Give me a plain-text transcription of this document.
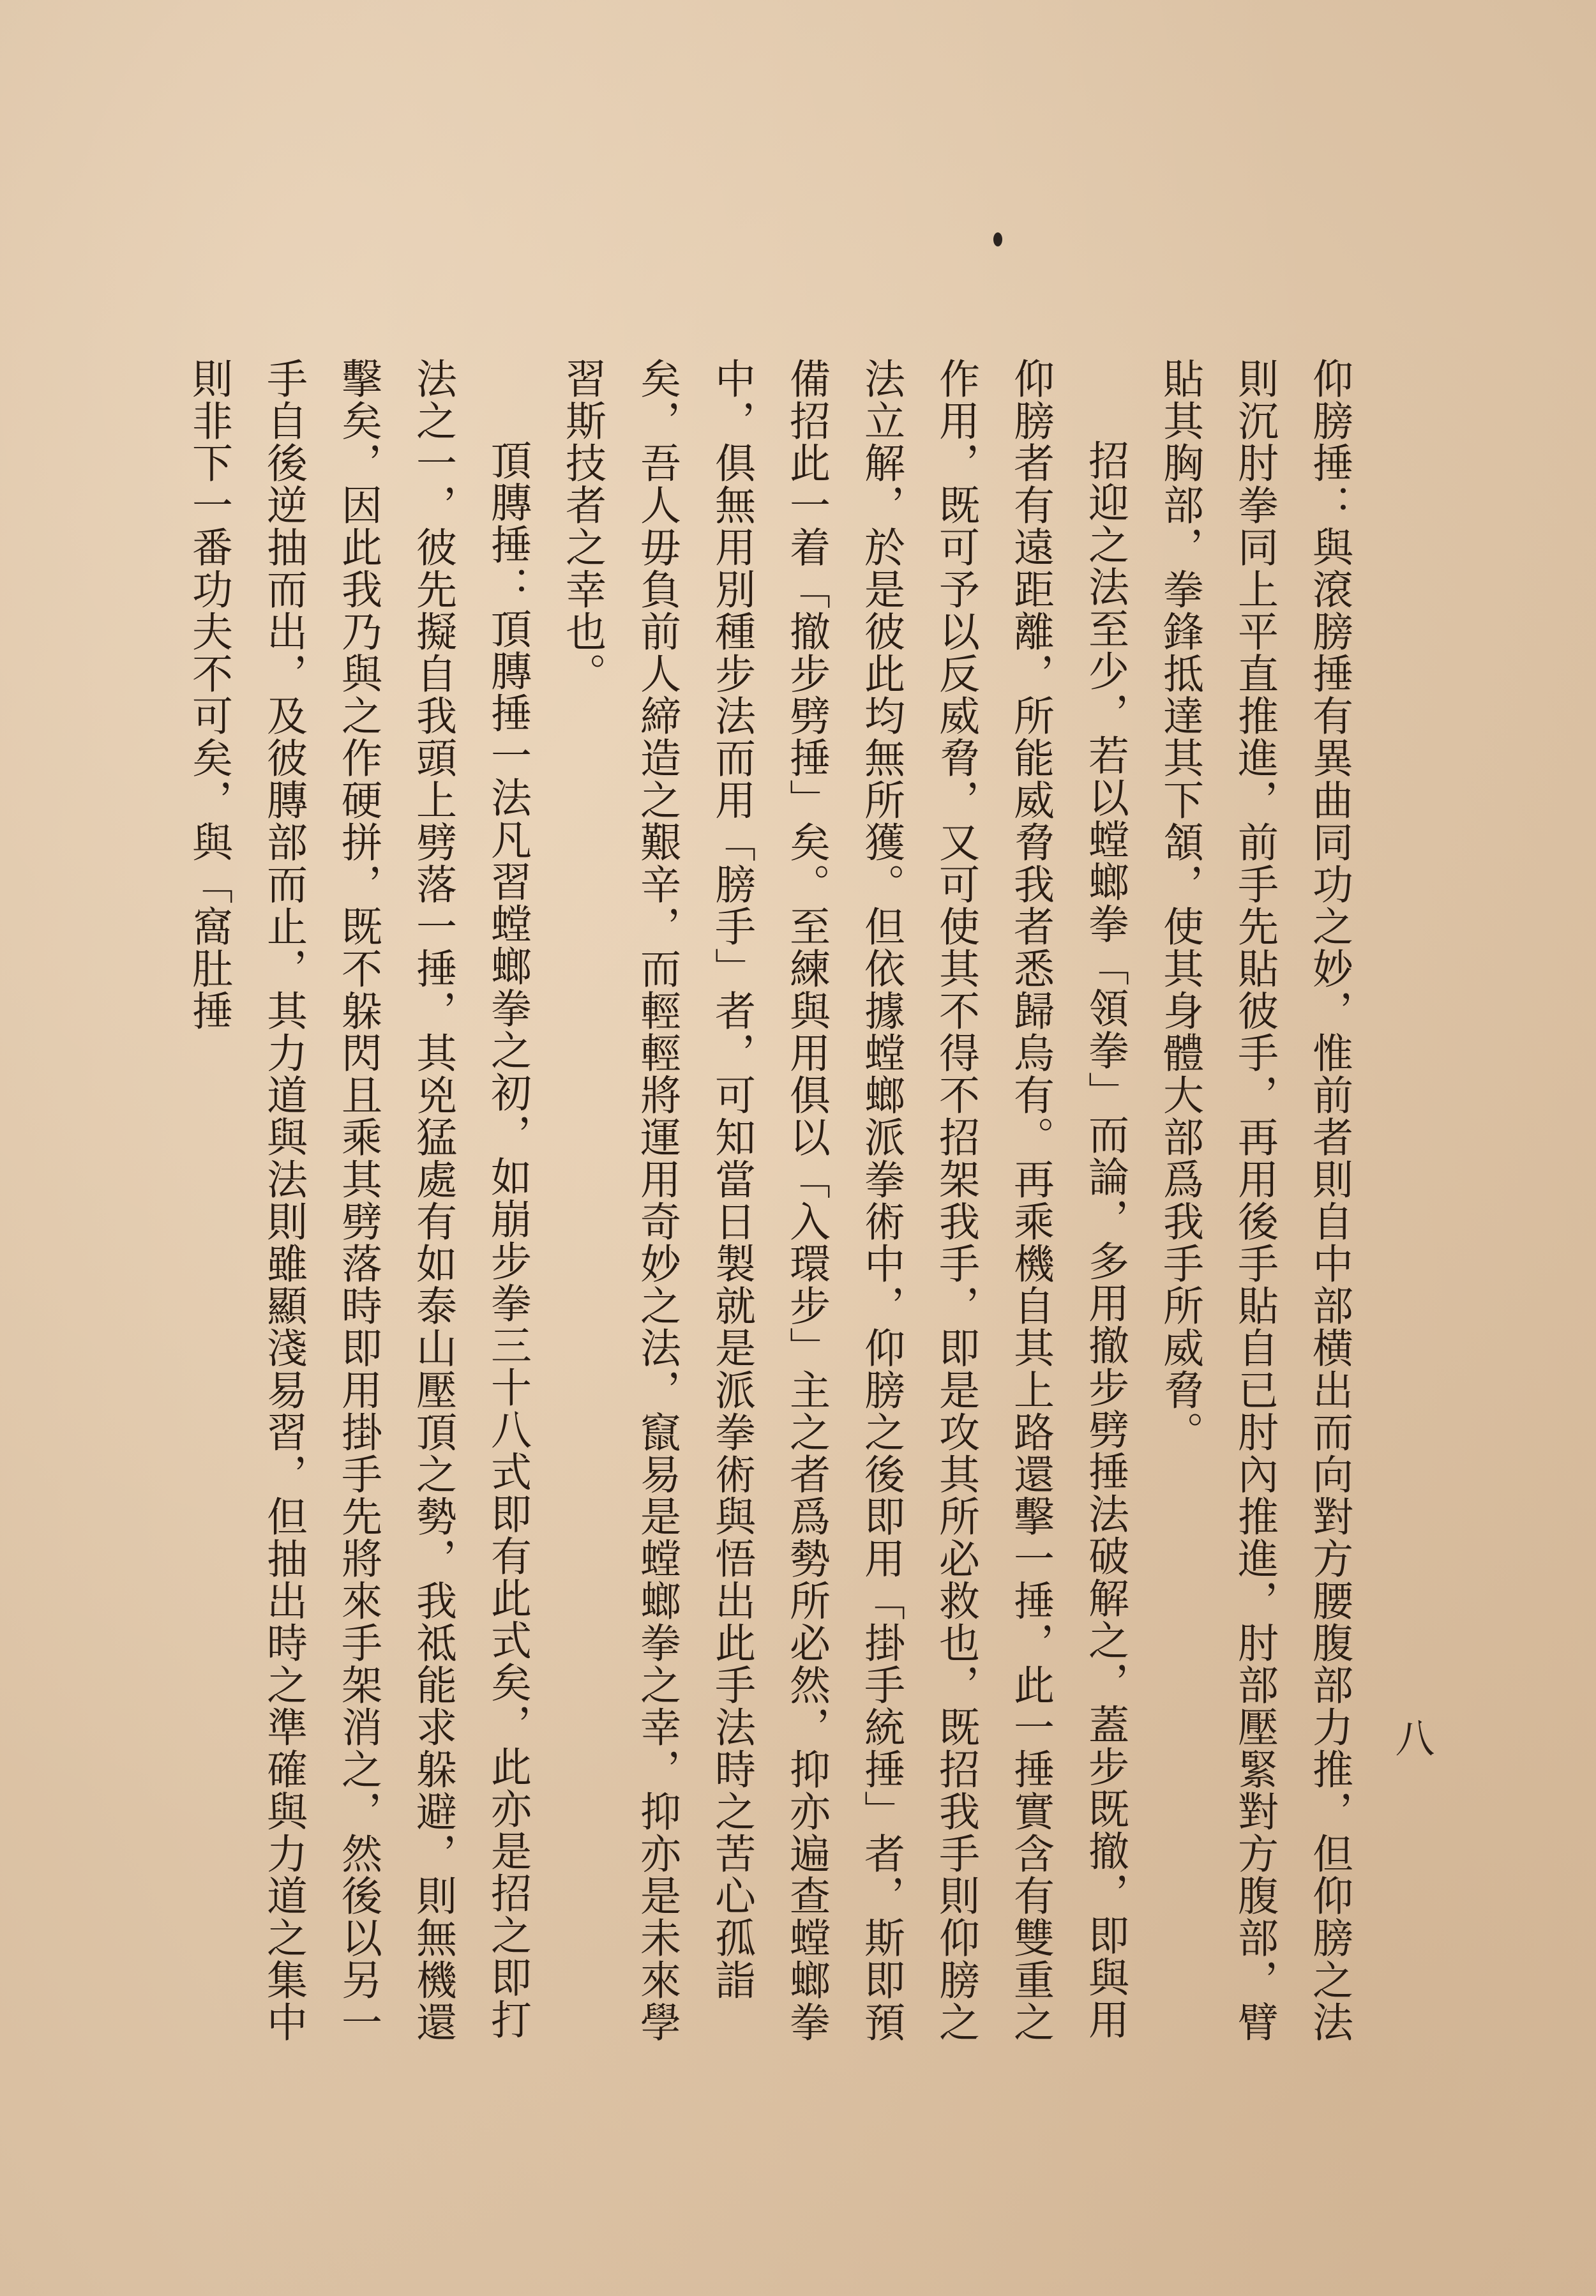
八

仰膀捶：與滾膀捶有異曲同功之妙，惟前者則自中部横出而向對方腰腹部力推，但仰膀之法則沉肘拳同上平直推進，前手先貼彼手，再用後手貼自已肘內推進，肘部壓緊對方腹部，臂貼其胸部，拳鋒抵達其下頷，使其身體大部爲我手所威脅。

招迎之法至少，若以螳螂拳「領拳」而論，多用撤步劈捶法破解之，蓋步既撤，即與用仰膀者有遠距離，所能威脅我者悉歸烏有。再乘機自其上路還擊一捶，此一捶實含有雙重之作用，既可予以反威脅，又可使其不得不招架我手，即是攻其所必救也，既招我手則仰膀之法立解，於是彼此均無所獲。但依據螳螂派拳術中，仰膀之後即用「掛手統捶」者，斯即預備招此一着「撤步劈捶」矣。至練與用俱以「入環步」主之者爲勢所必然，抑亦遍查螳螂拳中，俱無用別種步法而用「膀手」者，可知當日製就是派拳術與悟出此手法時之苦心孤詣矣，吾人毋負前人締造之艱辛，而輕輕將運用奇妙之法，竄易是螳螂拳之幸，抑亦是未來學習斯技者之幸也。

頂膞捶：頂膞捶一法凡習螳螂拳之初，如崩步拳三十八式即有此式矣，此亦是招之即打法之一，彼先擬自我頭上劈落一捶，其兇猛處有如泰山壓頂之勢，我祗能求躲避，則無機還擊矣，因此我乃與之作硬拼，既不躲閃且乘其劈落時即用掛手先將來手架消之，然後以另一手自後逆抽而出，及彼膞部而止，其力道與法則雖顯淺易習，但抽出時之準確與力道之集中則非下一番功夫不可矣，與「窩肚捶
